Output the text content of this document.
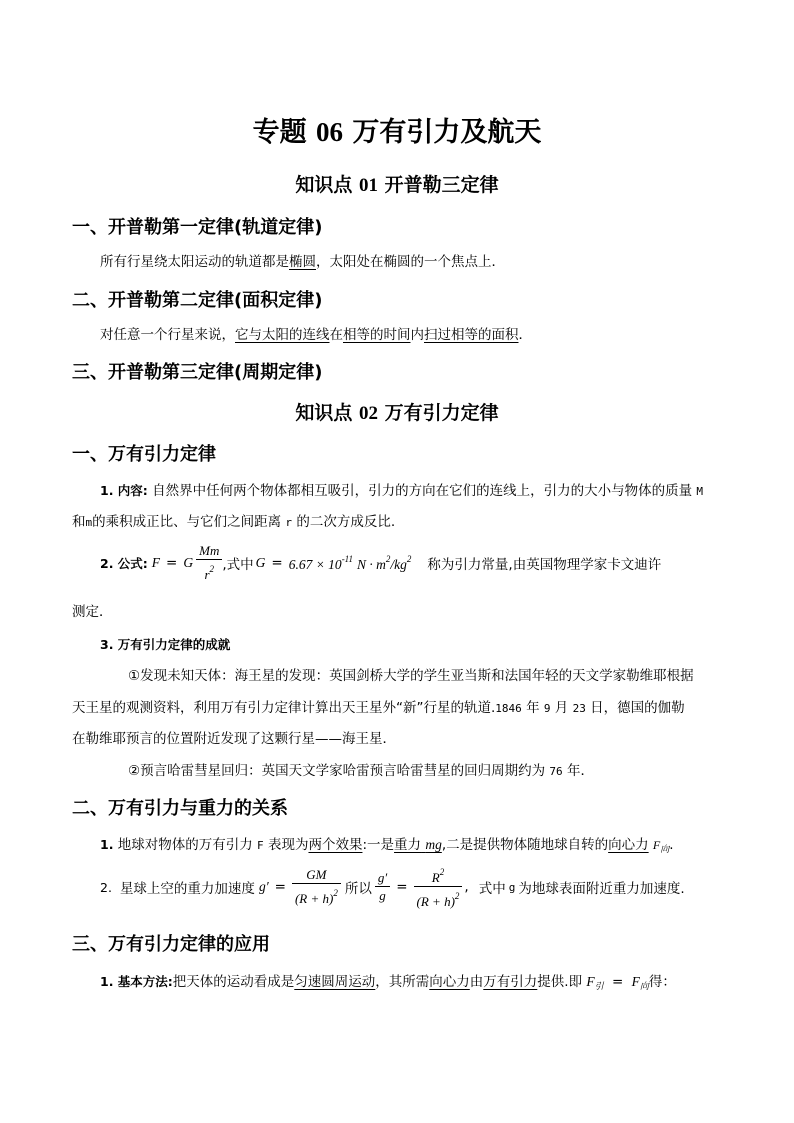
专题 06 万有引力及航天
知识点 01 开普勒三定律
一、开普勒第一定律(轨道定律)
所有行星绕太阳运动的轨道都是椭圆，太阳处在椭圆的一个焦点上．
二、开普勒第二定律(面积定律)
对任意一个行星来说，它与太阳的连线在相等的时间内扫过相等的面积．
三、开普勒第三定律(周期定律)
知识点 02 万有引力定律
一、万有引力定律
1. 内容: 自然界中任何两个物体都相互吸引，引力的方向在它们的连线上，引力的大小与物体的质量 M
和m的乘积成正比、与它们之间距离 r 的二次方成反比.
2. 公式: F = G $\frac{Mm}{r^2}$ ,式中 $G = 6.67 \times 10^{-11}$ $N \cdot m^2/kg^2$ 称为引力常量,由英国物理学家卡文迪许
测定．
3. 万有引力定律的成就
①发现未知天体：海王星的发现：英国剑桥大学的学生亚当斯和法国年轻的天文学家勒维耶根据
天王星的观测资料，利用万有引力定律计算出天王星外“新”行星的轨道.1846 年 9 月 23 日，德国的伽勒
在勒维耶预言的位置附近发现了这颗行星——海王星．
②预言哈雷彗星回归：英国天文学家哈雷预言哈雷彗星的回归周期约为 76 年．
二、万有引力与重力的关系
1. 地球对物体的万有引力 F 表现为两个效果:一是重力 mg,二是提供物体随地球自转的向心力 $F_向$.
2. 星球上空的重力加速度 $g' = \frac{GM}{(R + h)^2}$ 所以 $\frac{g'}{g} = \frac{R^2}{(R + h)^2}$ , 式中 g 为地球表面附近重力加速度.
三、万有引力定律的应用
1. 基本方法:把天体的运动看成是匀速圆周运动，其所需向心力由万有引力提供.即 $F_引 = F_向$得：
